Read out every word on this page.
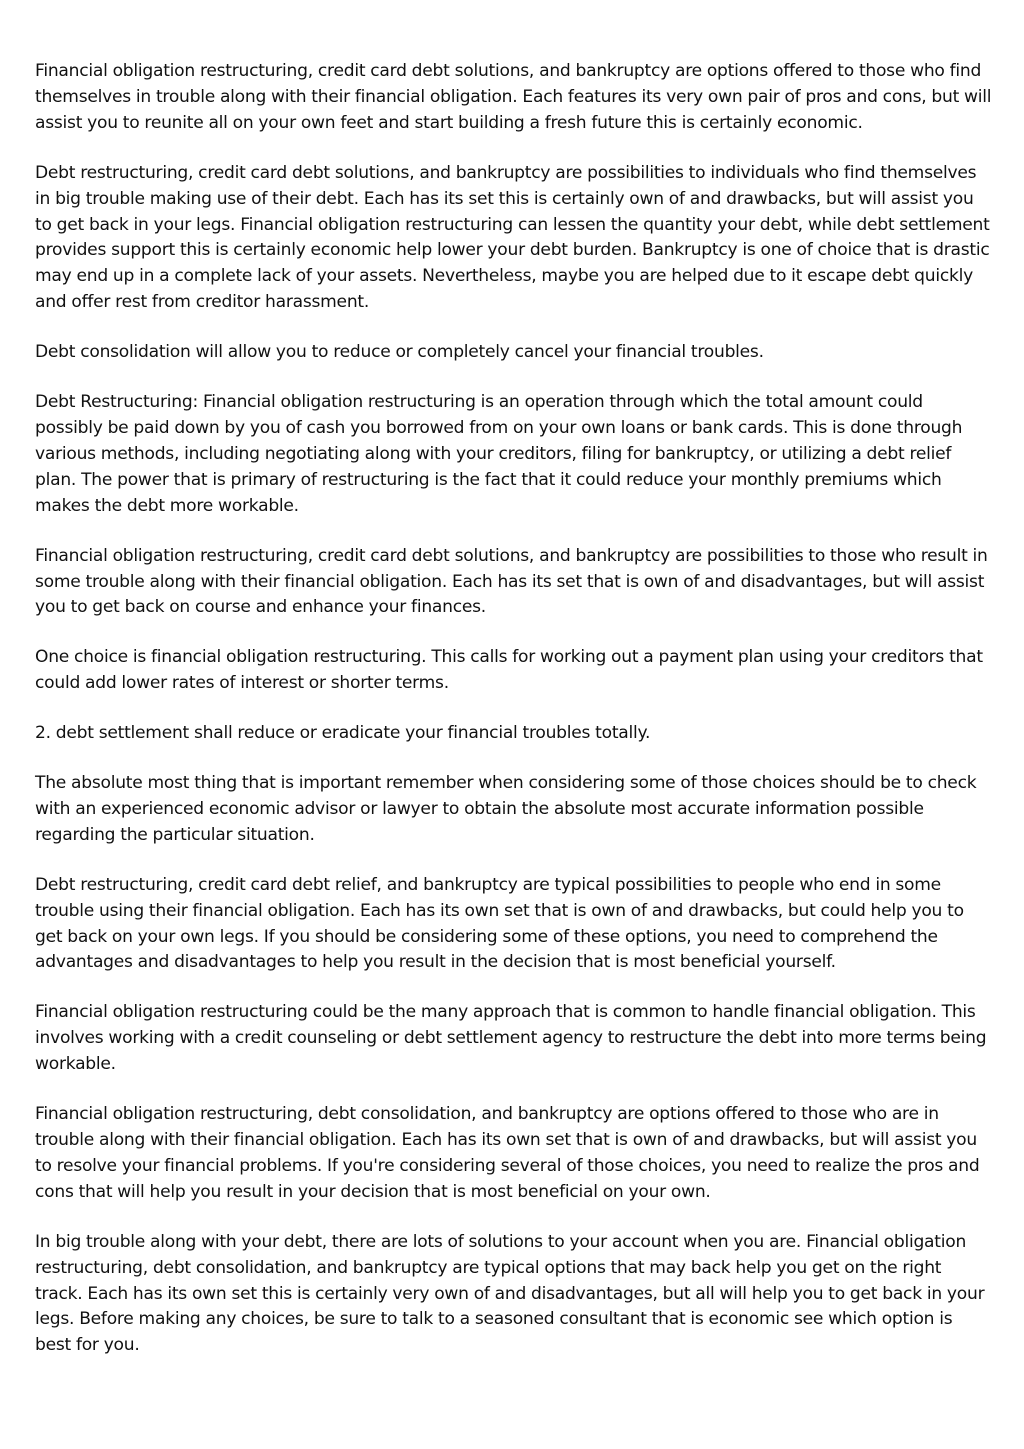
Financial obligation restructuring, credit card debt solutions, and bankruptcy are options offered to those who find themselves in trouble along with their financial obligation. Each features its very own pair of pros and cons, but will assist you to reunite all on your own feet and start building a fresh future this is certainly economic.

Debt restructuring, credit card debt solutions, and bankruptcy are possibilities to individuals who find themselves in big trouble making use of their debt. Each has its set this is certainly own of and drawbacks, but will assist you to get back in your legs. Financial obligation restructuring can lessen the quantity your debt, while debt settlement provides support this is certainly economic help lower your debt burden. Bankruptcy is one of choice that is drastic may end up in a complete lack of your assets. Nevertheless, maybe you are helped due to it escape debt quickly and offer rest from creditor harassment.

Debt consolidation will allow you to reduce or completely cancel your financial troubles.

Debt Restructuring: Financial obligation restructuring is an operation through which the total amount could possibly be paid down by you of cash you borrowed from on your own loans or bank cards. This is done through various methods, including negotiating along with your creditors, filing for bankruptcy, or utilizing a debt relief plan. The power that is primary of restructuring is the fact that it could reduce your monthly premiums which makes the debt more workable.

Financial obligation restructuring, credit card debt solutions, and bankruptcy are possibilities to those who result in some trouble along with their financial obligation. Each has its set that is own of and disadvantages, but will assist you to get back on course and enhance your finances.

One choice is financial obligation restructuring. This calls for working out a payment plan using your creditors that could add lower rates of interest or shorter terms.

2. debt settlement shall reduce or eradicate your financial troubles totally.

The absolute most thing that is important remember when considering some of those choices should be to check with an experienced economic advisor or lawyer to obtain the absolute most accurate information possible regarding the particular situation.

Debt restructuring, credit card debt relief, and bankruptcy are typical possibilities to people who end in some trouble using their financial obligation. Each has its own set that is own of and drawbacks, but could help you to get back on your own legs. If you should be considering some of these options, you need to comprehend the advantages and disadvantages to help you result in the decision that is most beneficial yourself.

Financial obligation restructuring could be the many approach that is common to handle financial obligation. This involves working with a credit counseling or debt settlement agency to restructure the debt into more terms being workable.

Financial obligation restructuring, debt consolidation, and bankruptcy are options offered to those who are in trouble along with their financial obligation. Each has its own set that is own of and drawbacks, but will assist you to resolve your financial problems. If you're considering several of those choices, you need to realize the pros and cons that will help you result in your decision that is most beneficial on your own.

In big trouble along with your debt, there are lots of solutions to your account when you are. Financial obligation restructuring, debt consolidation, and bankruptcy are typical options that may back help you get on the right track. Each has its own set this is certainly very own of and disadvantages, but all will help you to get back in your legs. Before making any choices, be sure to talk to a seasoned consultant that is economic see which option is best for you.
